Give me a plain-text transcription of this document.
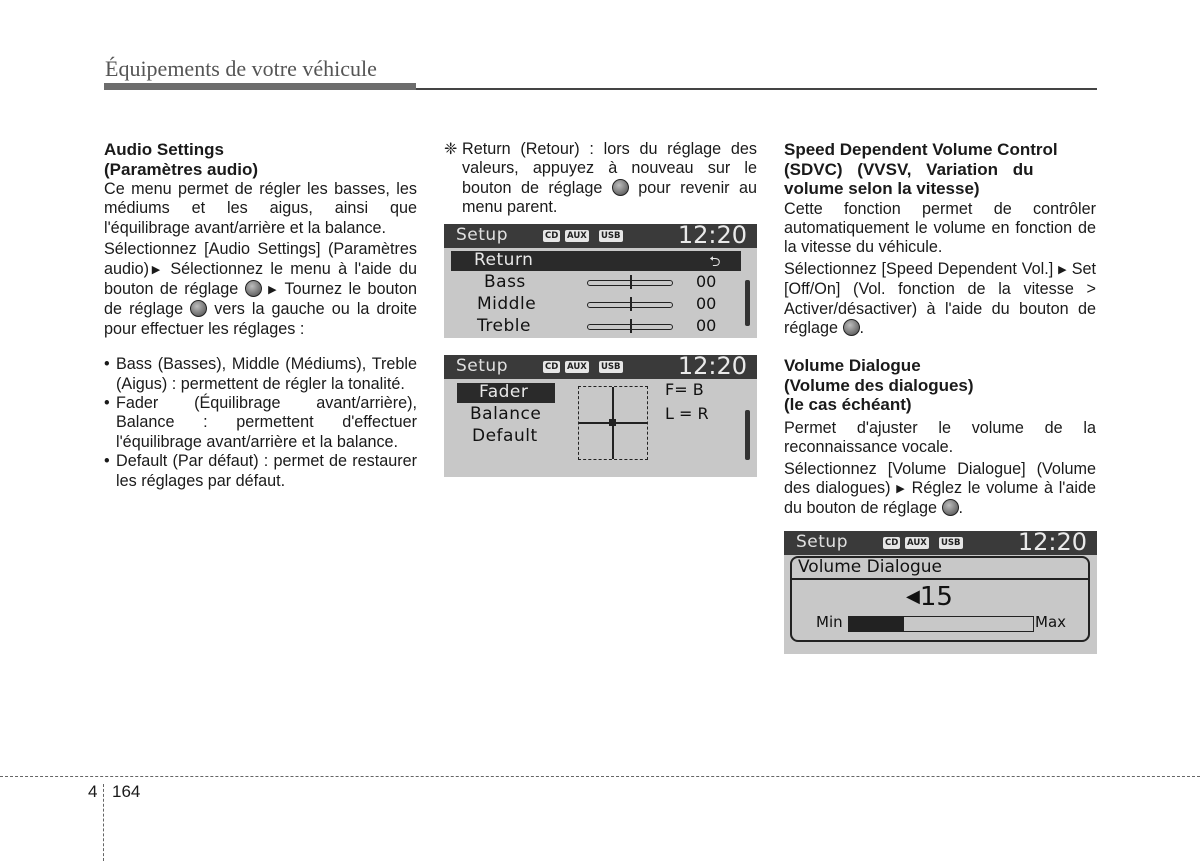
Équipements de votre véhicule

Audio Settings
(Paramètres audio)

Ce menu permet de régler les basses, les médiums et les aigus, ainsi que l'équilibrage avant/arrière et la balance.

Sélectionnez [Audio Settings] (Paramètres audio)▶ Sélectionnez le menu à l'aide du bouton de réglage  ▶ Tournez le bouton de réglage  vers la gauche ou la droite pour effectuer les réglages :

• Bass (Basses), Middle (Médiums), Treble (Aigus) : permettent de régler la tonalité.
• Fader (Équilibrage avant/arrière), Balance : permettent d'effectuer l'équilibrage avant/arrière et la balance.
• Default (Par défaut) : permet de restaurer les réglages par défaut.
❈ Return (Retour) : lors du réglage des valeurs, appuyez à nouveau sur le bouton de réglage  pour revenir au menu parent.
Setup	CD AUX USB 12:20
Return	⮌
Bass	00
Middle	00
Treble	00
Setup	CD AUX USB 12:20
Fader
Balance
Default
F= B
L = R

Speed Dependent Volume Control
(SDVC) (VVSV, Variation du
volume selon la vitesse)

Cette fonction permet de contrôler automatiquement le volume en fonction de la vitesse du véhicule.

Sélectionnez [Speed Dependent Vol.] ▶ Set [Off/On] (Vol. fonction de la vitesse > Activer/désactiver) à l'aide du bouton de réglage .

Volume Dialogue
(Volume des dialogues)
(le cas échéant)

Permet d'ajuster le volume de la reconnaissance vocale.

Sélectionnez [Volume Dialogue] (Volume des dialogues) ▶ Réglez le volume à l'aide du bouton de réglage .

Setup	CD AUX USB 12:20
Volume Dialogue
◀15
Min	Max
4 164
